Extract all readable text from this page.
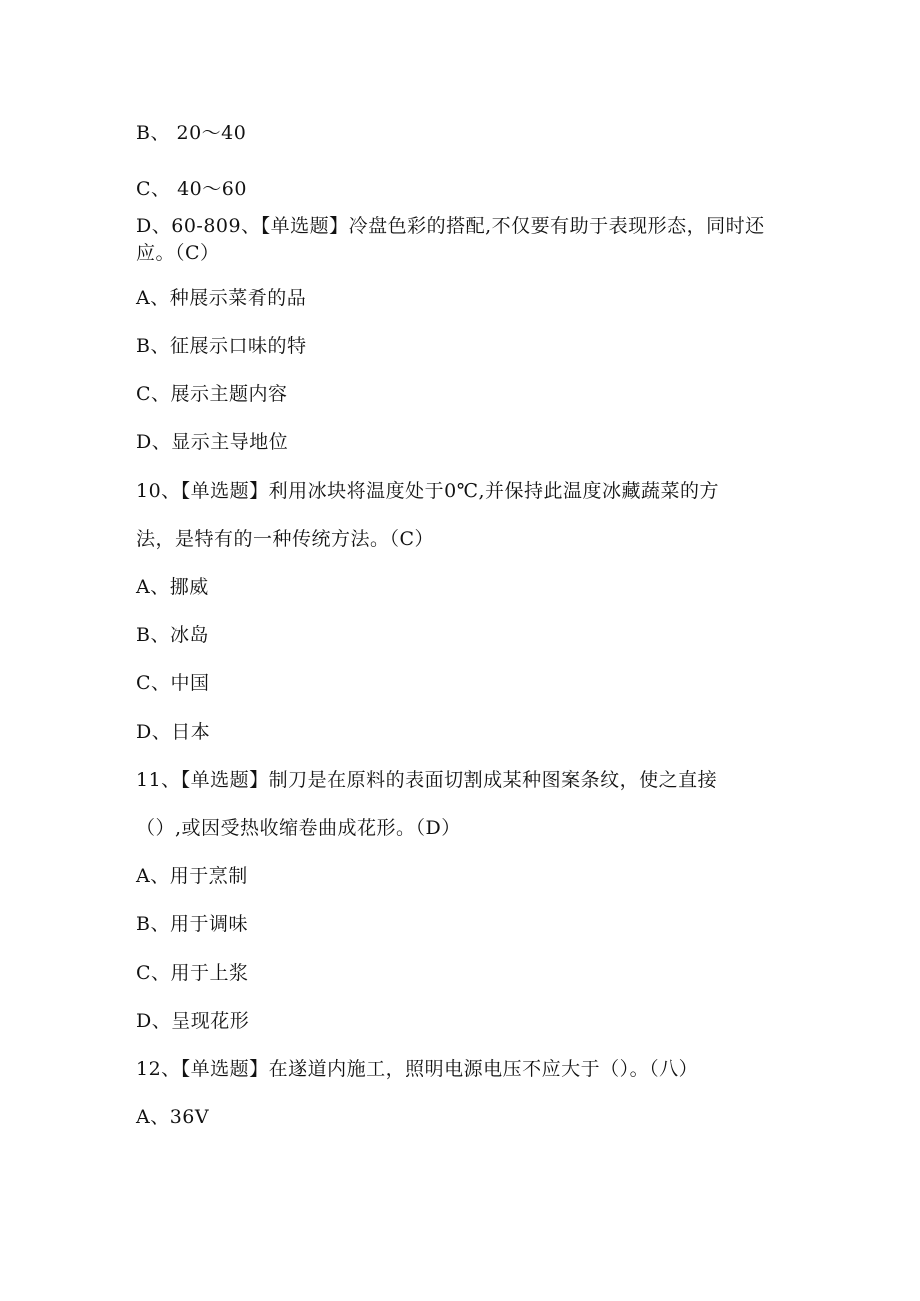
B、 20～40
C、 40～60
D、60-809、【单选题】冷盘色彩的搭配,不仅要有助于表现形态，同时还
应。（C）
A、种展示菜肴的品
B、征展示口味的特
C、展示主题内容
D、显示主导地位
10、【单选题】利用冰块将温度处于0℃,并保持此温度冰藏蔬菜的方
法，是特有的一种传统方法。（C）
A、挪威
B、冰岛
C、中国
D、日本
11、【单选题】制刀是在原料的表面切割成某种图案条纹，使之直接
（）,或因受热收缩卷曲成花形。（D）
A、用于烹制
B、用于调味
C、用于上浆
D、呈现花形
12、【单选题】在遂道内施工，照明电源电压不应大于（）。（八）
A、36V
